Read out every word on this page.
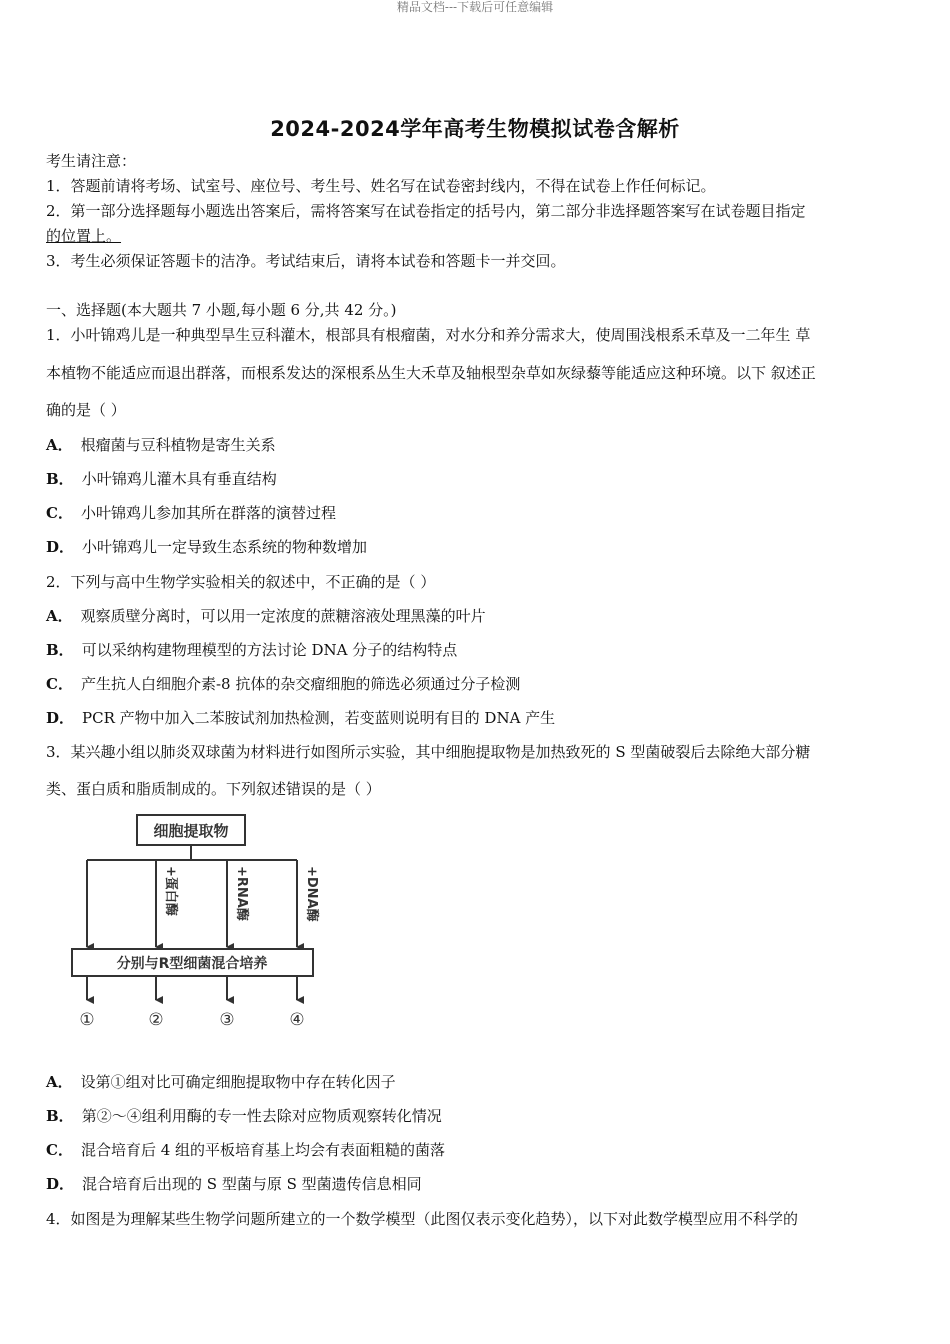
精品文档---下载后可任意编辑
2024-2024学年高考生物模拟试卷含解析
考生请注意：
1．答题前请将考场、试室号、座位号、考生号、姓名写在试卷密封线内，不得在试卷上作任何标记。
2．第一部分选择题每小题选出答案后，需将答案写在试卷指定的括号内，第二部分非选择题答案写在试卷题目指定
的位置上。
3．考生必须保证答题卡的洁净。考试结束后，请将本试卷和答题卡一并交回。
一、选择题(本大题共 7 小题,每小题 6 分,共 42 分。)
1．小叶锦鸡儿是一种典型旱生豆科灌木，根部具有根瘤菌，对水分和养分需求大，使周围浅根系禾草及一二年生 草
本植物不能适应而退出群落，而根系发达的深根系丛生大禾草及轴根型杂草如灰绿藜等能适应这种环境。以下 叙述正
确的是（ ）
A． 根瘤菌与豆科植物是寄生关系
B． 小叶锦鸡儿灌木具有垂直结构
C． 小叶锦鸡儿参加其所在群落的演替过程
D． 小叶锦鸡儿一定导致生态系统的物种数增加
2．下列与高中生物学实验相关的叙述中，不正确的是（ ）
A． 观察质壁分离时，可以用一定浓度的蔗糖溶液处理黑藻的叶片
B． 可以采纳构建物理模型的方法讨论 DNA 分子的结构特点
C． 产生抗人白细胞介素-8 抗体的杂交瘤细胞的筛选必须通过分子检测
D． PCR 产物中加入二苯胺试剂加热检测，若变蓝则说明有目的 DNA 产生
3．某兴趣小组以肺炎双球菌为材料进行如图所示实验，其中细胞提取物是加热致死的 S 型菌破裂后去除绝大部分糖
类、蛋白质和脂质制成的。下列叙述错误的是（ ）
细胞提取物
+蛋白酶	+RNA酶	+DNA酶
分别与R型细菌混合培养
①	②	③	④
A． 设第①组对比可确定细胞提取物中存在转化因子
B． 第②～④组利用酶的专一性去除对应物质观察转化情况
C． 混合培育后 4 组的平板培育基上均会有表面粗糙的菌落
D． 混合培育后出现的 S 型菌与原 S 型菌遗传信息相同
4．如图是为理解某些生物学问题所建立的一个数学模型（此图仅表示变化趋势），以下对此数学模型应用不科学的
